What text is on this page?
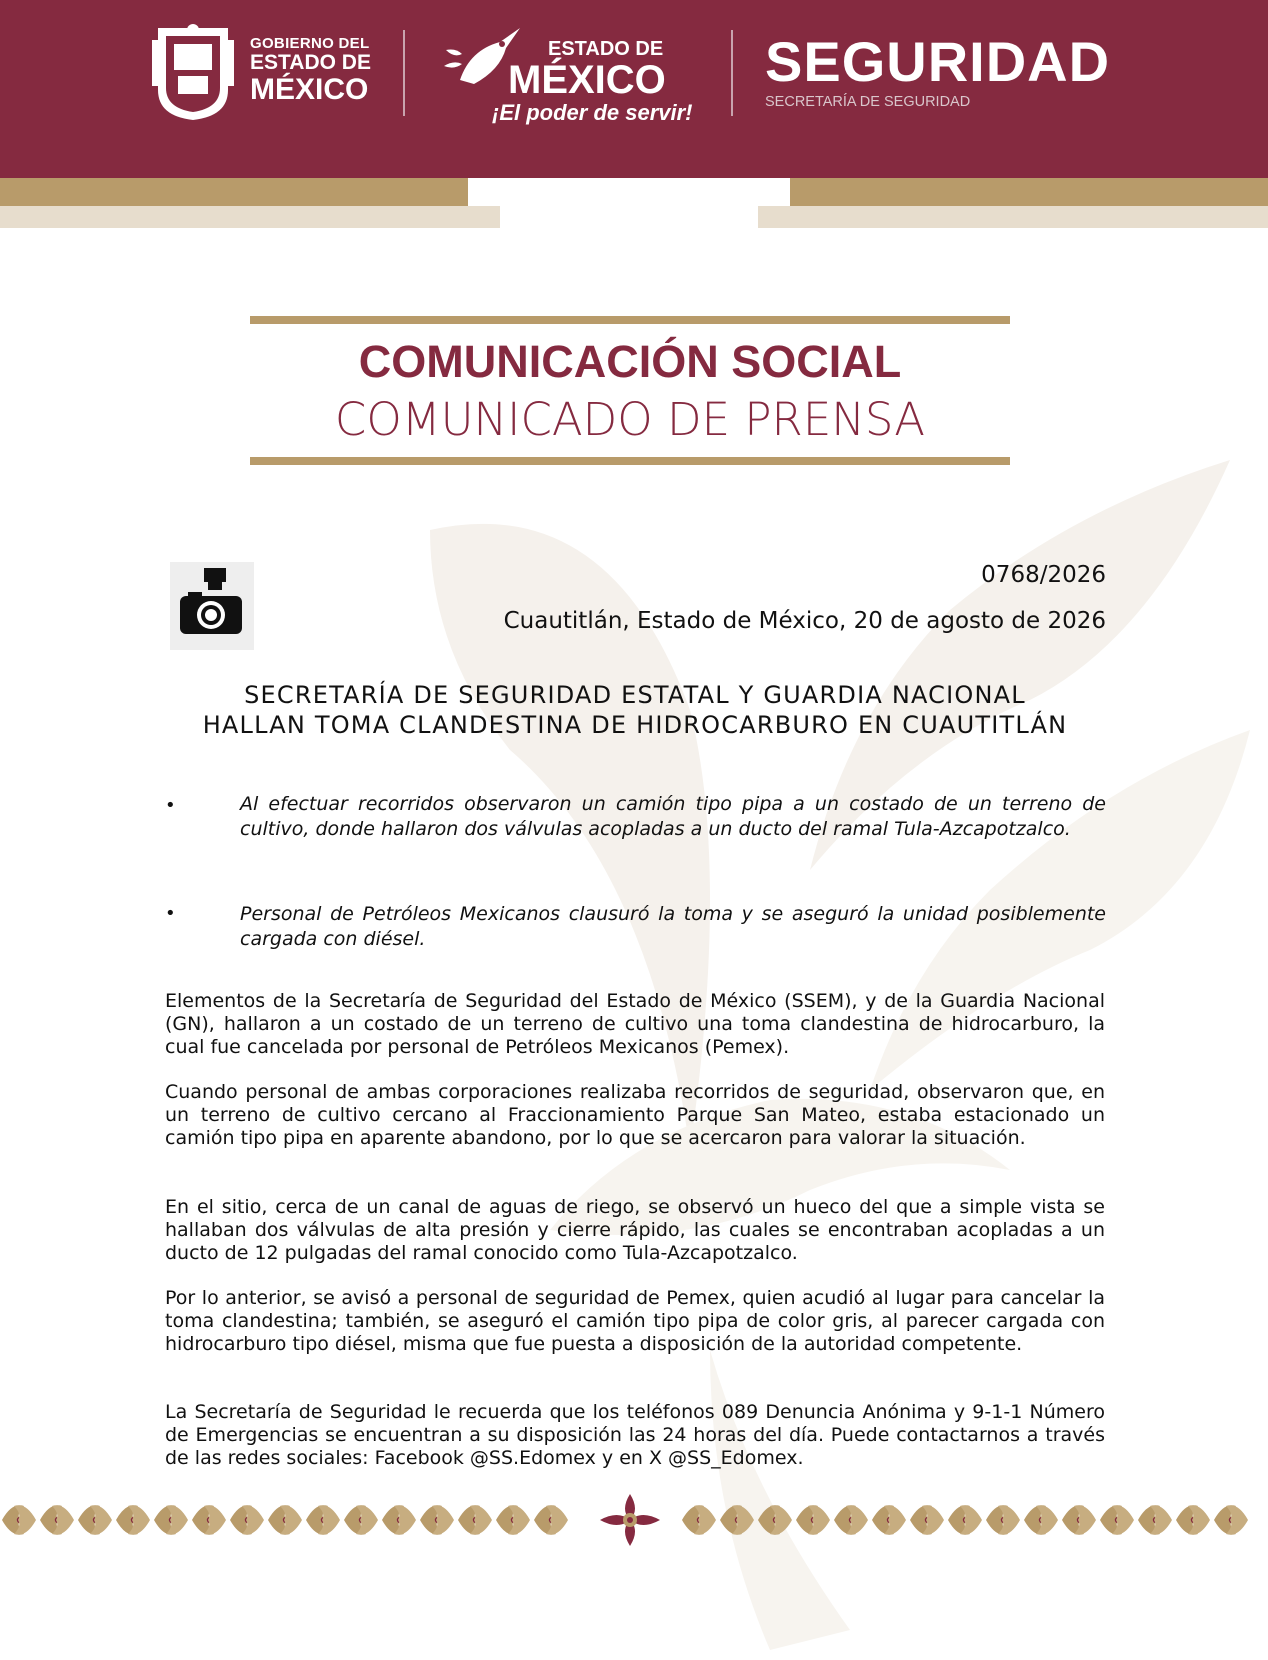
GOBIERNO DEL
ESTADO DE
MÉXICO
ESTADO DE
MÉXICO
¡El poder de servir!
SEGURIDAD
SECRETARÍA DE SEGURIDAD
COMUNICACIÓN SOCIAL
COMUNICADO DE PRENSA
0768/2026
Cuautitlán, Estado de México, 20 de agosto de 2026
SECRETARÍA DE SEGURIDAD ESTATAL Y GUARDIA NACIONAL
HALLAN TOMA CLANDESTINA DE HIDROCARBURO EN CUAUTITLÁN
•	Al efectuar recorridos observaron un camión tipo pipa a un costado de un terreno de cultivo, donde hallaron dos válvulas acopladas a un ducto del ramal Tula-Azcapotzalco.
•	Personal de Petróleos Mexicanos clausuró la toma y se aseguró la unidad posiblemente cargada con diésel.

Elementos de la Secretaría de Seguridad del Estado de México (SSEM), y de la Guardia Nacional (GN), hallaron a un costado de un terreno de cultivo una toma clandestina de hidrocarburo, la cual fue cancelada por personal de Petróleos Mexicanos (Pemex).

Cuando personal de ambas corporaciones realizaba recorridos de seguridad, observaron que, en un terreno de cultivo cercano al Fraccionamiento Parque San Mateo, estaba estacionado un camión tipo pipa en aparente abandono, por lo que se acercaron para valorar la situación.

En el sitio, cerca de un canal de aguas de riego, se observó un hueco del que a simple vista se hallaban dos válvulas de alta presión y cierre rápido, las cuales se encontraban acopladas a un ducto de 12 pulgadas del ramal conocido como Tula-Azcapotzalco.

Por lo anterior, se avisó a personal de seguridad de Pemex, quien acudió al lugar para cancelar la toma clandestina; también, se aseguró el camión tipo pipa de color gris, al parecer cargada con hidrocarburo tipo diésel, misma que fue puesta a disposición de la autoridad competente.

La Secretaría de Seguridad le recuerda que los teléfonos 089 Denuncia Anónima y 9-1-1 Número de Emergencias se encuentran a su disposición las 24 horas del día. Puede contactarnos a través de las redes sociales: Facebook @SS.Edomex y en X @SS_Edomex.
